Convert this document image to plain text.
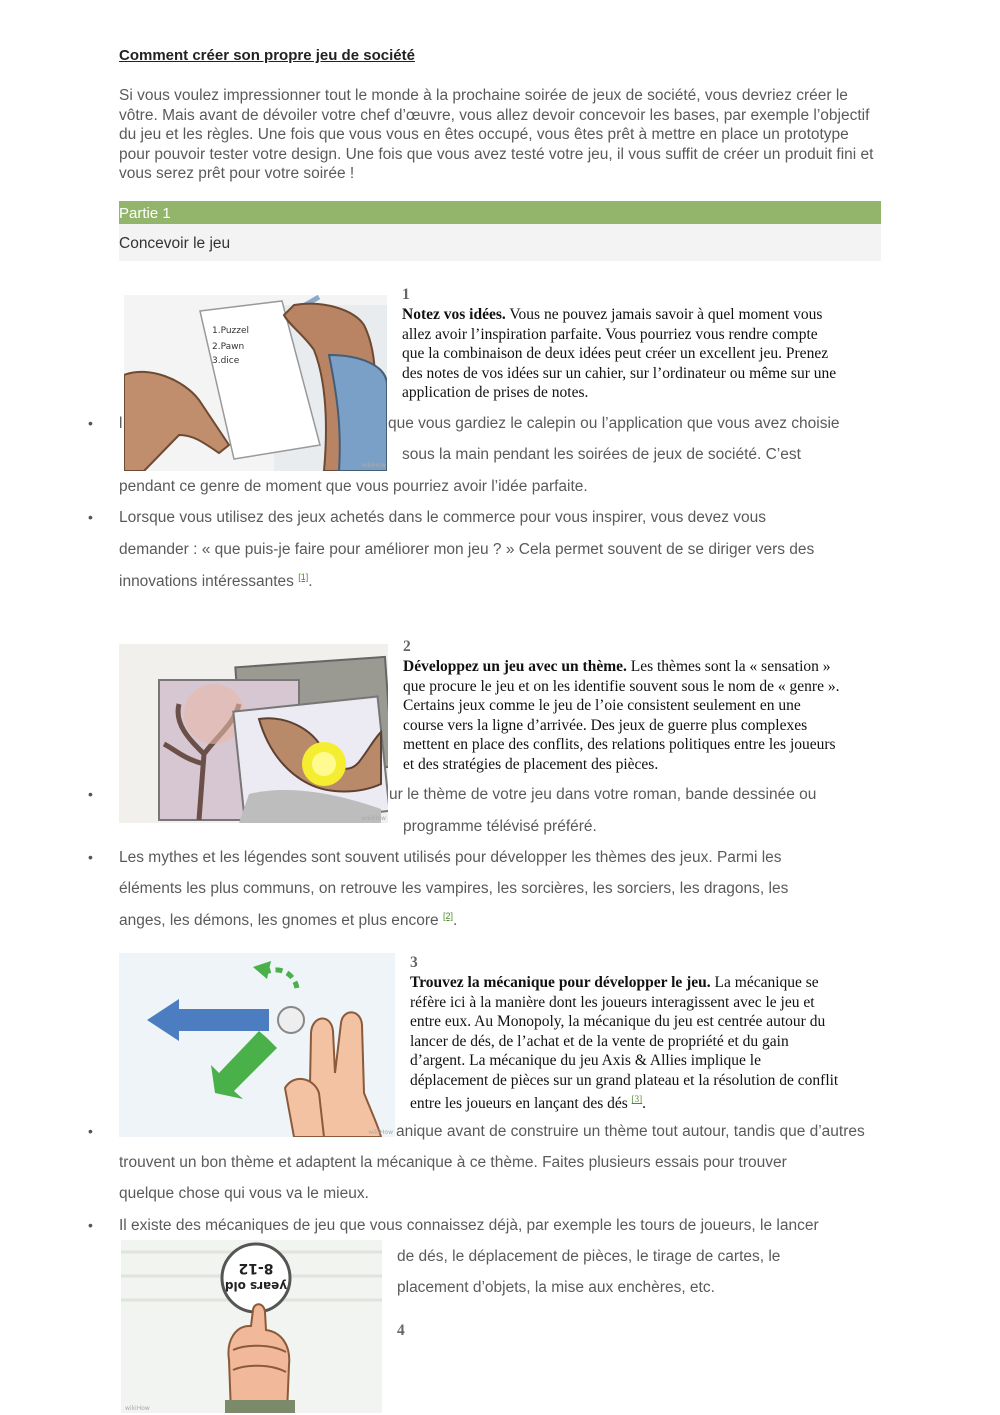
Comment créer son propre jeu de société
Si vous voulez impressionner tout le monde à la prochaine soirée de jeux de société, vous devriez créer le vôtre. Mais avant de dévoiler votre chef d’œuvre, vous allez devoir concevoir les bases, par exemple l’objectif du jeu et les règles. Une fois que vous vous en êtes occupé, vous êtes prêt à mettre en place un prototype pour pouvoir tester votre design. Une fois que vous avez testé votre jeu, il vous suffit de créer un produit fini et vous serez prêt pour votre soirée !
Partie 1
Concevoir le jeu
1.Puzzel
2.Pawn
3.dice
wikiHow
1
Notez vos idées. Vous ne pouvez jamais savoir à quel moment vous
allez avoir l’inspiration parfaite. Vous pourriez vous rendre compte
que la combinaison de deux idées peut créer un excellent jeu. Prenez
des notes de vos idées sur un cahier, sur l’ordinateur ou même sur une
application de prises de notes.
• l	que vous gardiez le calepin ou l’application que vous avez choisie
sous la main pendant les soirées de jeux de société. C’est
pendant ce genre de moment que vous pourriez avoir l’idée parfaite.
• Lorsque vous utilisez des jeux achetés dans le commerce pour vous inspirer, vous devez vous
demander : « que puis-je faire pour améliorer mon jeu ? » Cela permet souvent de se diriger vers des
innovations intéressantes [1].
wikiHow
2
Développez un jeu avec un thème. Les thèmes sont la « sensation »
que procure le jeu et on les identifie souvent sous le nom de « genre ».
Certains jeux comme le jeu de l’oie consistent seulement en une
course vers la ligne d’arrivée. Des jeux de guerre plus complexes
mettent en place des conflits, des relations politiques entre les joueurs
et des stratégies de placement des pièces.
•	ur le thème de votre jeu dans votre roman, bande dessinée ou
programme télévisé préféré.
• Les mythes et les légendes sont souvent utilisés pour développer les thèmes des jeux. Parmi les
éléments les plus communs, on retrouve les vampires, les sorcières, les sorciers, les dragons, les
anges, les démons, les gnomes et plus encore [2].
wikiHow
3
Trouvez la mécanique pour développer le jeu. La mécanique se
réfère ici à la manière dont les joueurs interagissent avec le jeu et
entre eux. Au Monopoly, la mécanique du jeu est centrée autour du
lancer de dés, de l’achat et de la vente de propriété et du gain
d’argent. La mécanique du jeu Axis & Allies implique le
déplacement de pièces sur un grand plateau et la résolution de conflit
entre les joueurs en lançant des dés [3].
•	anique avant de construire un thème tout autour, tandis que d’autres
trouvent un bon thème et adaptent la mécanique à ce thème. Faites plusieurs essais pour trouver
quelque chose qui vous va le mieux.
• Il existe des mécaniques de jeu que vous connaissez déjà, par exemple les tours de joueurs, le lancer
de dés, le déplacement de pièces, le tirage de cartes, le
placement d’objets, la mise aux enchères, etc.
8-12
years old
wikiHow
4
